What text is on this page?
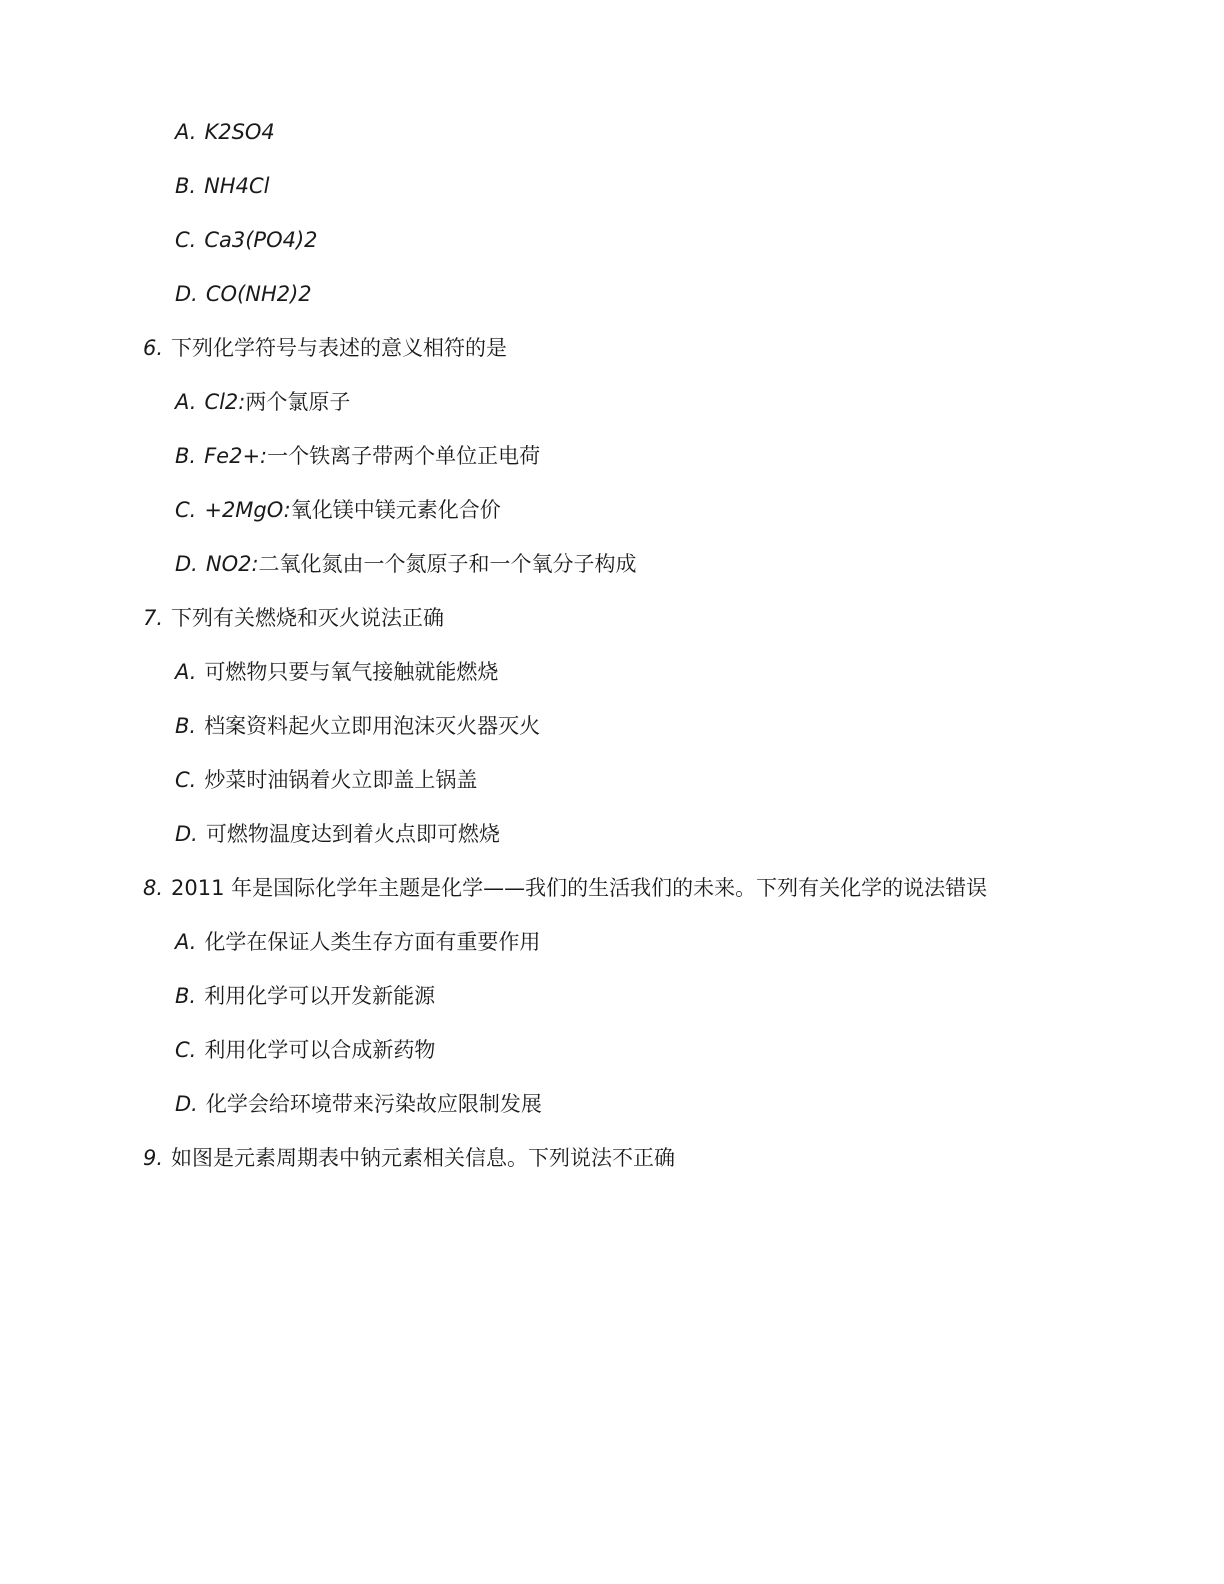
A. K2SO4
B. NH4Cl
C. Ca3(PO4)2
D. CO(NH2)2
6. 下列化学符号与表述的意义相符的是
A. Cl2:两个氯原子
B. Fe2+:一个铁离子带两个单位正电荷
C. +2MgO:氧化镁中镁元素化合价
D. NO2:二氧化氮由一个氮原子和一个氧分子构成
7. 下列有关燃烧和灭火说法正确
A. 可燃物只要与氧气接触就能燃烧
B. 档案资料起火立即用泡沫灭火器灭火
C. 炒菜时油锅着火立即盖上锅盖
D. 可燃物温度达到着火点即可燃烧
8. 2011 年是国际化学年主题是化学——我们的生活我们的未来。下列有关化学的说法错误
A. 化学在保证人类生存方面有重要作用
B. 利用化学可以开发新能源
C. 利用化学可以合成新药物
D. 化学会给环境带来污染故应限制发展
9. 如图是元素周期表中钠元素相关信息。下列说法不正确
